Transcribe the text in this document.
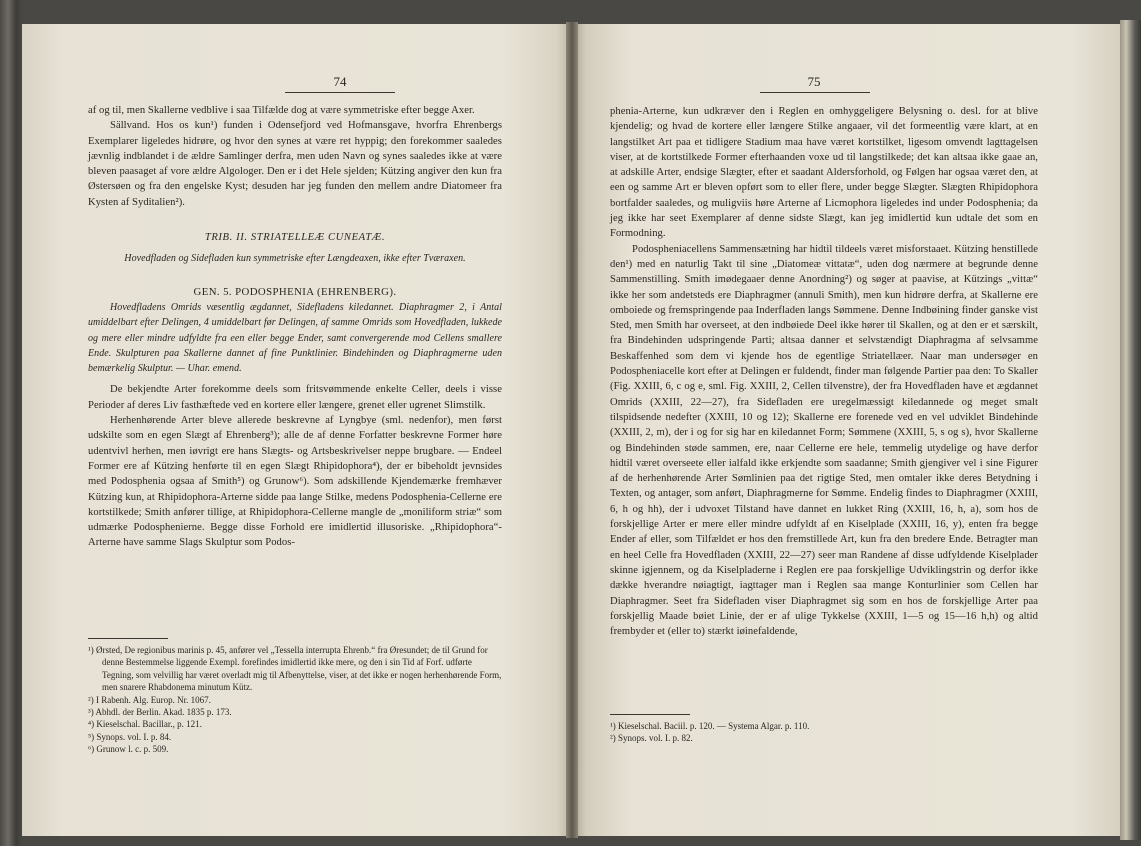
74

af og til, men Skallerne vedblive i saa Tilfælde dog at være symmetriske efter begge Axer.

Sällvand. Hos os kun¹) funden i Odensefjord ved Hofmansgave, hvorfra Ehrenbergs Exemplarer ligeledes hidrøre, og hvor den synes at være ret hyppig; den forekommer saaledes jævnlig indblandet i de ældre Samlinger derfra, men uden Navn og synes saaledes ikke at være bleven paasaget af vore ældre Algologer. Den er i det Hele sjelden; Kützing angiver den kun fra Østersøen og fra den engelske Kyst; desuden har jeg funden den mellem andre Diatomeer fra Kysten af Syditalien²).

TRIB. II. STRIATELLEÆ CUNEATÆ.

Hovedfladen og Sidefladen kun symmetriske efter Længdeaxen, ikke efter Tværaxen.

GEN. 5. PODOSPHENIA (EHRENBERG).

Hovedfladens Omrids væsentlig ægdannet, Sidefladens kiledannet. Diaphragmer 2, i Antal umiddelbart efter Delingen, 4 umiddelbart før Delingen, af samme Omrids som Hovedfladen, lukkede og mere eller mindre udfyldte fra een eller begge Ender, samt convergerende mod Cellens smallere Ende. Skulpturen paa Skallerne dannet af fine Punktlinier. Bindehinden og Diaphragmerne uden bemærkelig Skulptur. — Uhar. emend.

De bekjendte Arter forekomme deels som fritsvømmende enkelte Celler, deels i visse Perioder af deres Liv fasthæftede ved en kortere eller længere, grenet eller ugrenet Slimstilk.

Herhenhørende Arter bleve allerede beskrevne af Lyngbye (sml. nedenfor), men først udskilte som en egen Slægt af Ehrenberg³); alle de af denne Forfatter beskrevne Former høre udentvivl herhen, men iøvrigt ere hans Slægts- og Artsbeskrivelser neppe brugbare. — Endeel Former ere af Kützing henførte til en egen Slægt Rhipidophora⁴), der er bibeholdt jevnsides med Podosphenia ogsaa af Smith⁵) og Grunow⁶). Som adskillende Kjendemærke fremhæver Kützing kun, at Rhipidophora-Arterne sidde paa lange Stilke, medens Podosphenia-Cellerne ere kortstilkede; Smith anfører tillige, at Rhipidophora-Cellerne mangle de „moniliform striæ“ som udmærke Podosphenierne. Begge disse Forhold ere imidlertid illusoriske. „Rhipidophora“-Arterne have samme Slags Skulptur som Podos-

¹) Ørsted, De regionibus marinis p. 45, anfører vel „Tessella interrupta Ehrenb.“ fra Øresundet; de til Grund for denne Bestemmelse liggende Exempl. forefindes imidlertid ikke mere, og den i sin Tid af Forf. udførte Tegning, som velvillig har været overladt mig til Afbenyttelse, viser, at det ikke er nogen herhenhørende Form, men snarere Rhabdonema minutum Kütz.

²) I Rabenh. Alg. Europ. Nr. 1067.

³) Abhdl. der Berlin. Akad. 1835 p. 173.

⁴) Kieselschal. Bacillar., p. 121.

⁵) Synops. vol. I. p. 84.

⁶) Grunow l. c. p. 509.

75

phenia-Arterne, kun udkræver den i Reglen en omhyggeligere Belysning o. desl. for at blive kjendelig; og hvad de kortere eller længere Stilke angaaer, vil det formeentlig være klart, at en langstilket Art paa et tidligere Stadium maa have været kortstilket, ligesom omvendt lagttagelsen viser, at de kortstilkede Former efterhaanden voxe ud til langstilkede; det kan altsaa ikke gaae an, at adskille Arter, endsige Slægter, efter et saadant Aldersforhold, og Følgen har ogsaa været den, at een og samme Art er bleven opført som to eller flere, under begge Slægter. Slægten Rhipidophora bortfalder saaledes, og muligviis høre Arterne af Licmophora ligeledes ind under Podosphenia; da jeg ikke har seet Exemplarer af denne sidste Slægt, kan jeg imidlertid kun udtale det som en Formodning.

Podospheniacellens Sammensætning har hidtil tildeels været misforstaaet. Kützing henstillede den¹) med en naturlig Takt til sine „Diatomeæ vittatæ“, uden dog nærmere at begrunde denne Sammenstilling. Smith imødegaaer denne Anordning²) og søger at paavise, at Kützings „vittæ“ ikke her som andetsteds ere Diaphragmer (annuli Smith), men kun hidrøre derfra, at Skallerne ere omboiede og fremspringende paa Inderfladen langs Sømmene. Denne Indbøining finder ganske vist Sted, men Smith har overseet, at den indbøiede Deel ikke hører til Skallen, og at den er et særskilt, fra Bindehinden udspringende Parti; altsaa danner et selvstændigt Diaphragma af selvsamme Beskaffenhed som dem vi kjende hos de egentlige Striatellæer. Naar man undersøger en Podospheniacelle kort efter at Delingen er fuldendt, finder man følgende Partier paa den: To Skaller (Fig. XXIII, 6, c og e, sml. Fig. XXIII, 2, Cellen tilvenstre), der fra Hovedfladen have et ægdannet Omrids (XXIII, 22—27), fra Sidefladen ere uregelmæssigt kiledannede og meget smalt tilspidsende nedefter (XXIII, 10 og 12); Skallerne ere forenede ved en vel udviklet Bindehinde (XXIII, 2, m), der i og for sig har en kiledannet Form; Sømmene (XXIII, 5, s og s), hvor Skallerne og Bindehinden støde sammen, ere, naar Cellerne ere hele, temmelig utydelige og have derfor hidtil været overseete eller ialfald ikke erkjendte som saadanne; Smith gjengiver vel i sine Figurer af de herhenhørende Arter Sømlinien paa det rigtige Sted, men omtaler ikke deres Betydning i Texten, og antager, som anført, Diaphragmerne for Sømme. Endelig findes to Diaphragmer (XXIII, 6, h og hh), der i udvoxet Tilstand have dannet en lukket Ring (XXIII, 16, h, a), som hos de forskjellige Arter er mere eller mindre udfyldt af en Kiselplade (XXIII, 16, y), enten fra begge Ender af eller, som Tilfældet er hos den fremstillede Art, kun fra den bredere Ende. Betragter man en heel Celle fra Hovedfladen (XXIII, 22—27) seer man Randene af disse udfyldende Kiselplader skinne igjennem, og da Kiselpladerne i Reglen ere paa forskjellige Udviklingstrin og derfor ikke dække hverandre nøiagtigt, iagttager man i Reglen saa mange Konturlinier som Cellen har Diaphragmer. Seet fra Sidefladen viser Diaphragmet sig som en hos de forskjellige Arter paa forskjellig Maade bøiet Linie, der er af ulige Tykkelse (XXIII, 1—5 og 15—16 h,h) og altid frembyder et (eller to) stærkt iøinefaldende,

¹) Kieselschal. Baciil. p. 120. — Systema Algar. p. 110.

²) Synops. vol. I. p. 82.
